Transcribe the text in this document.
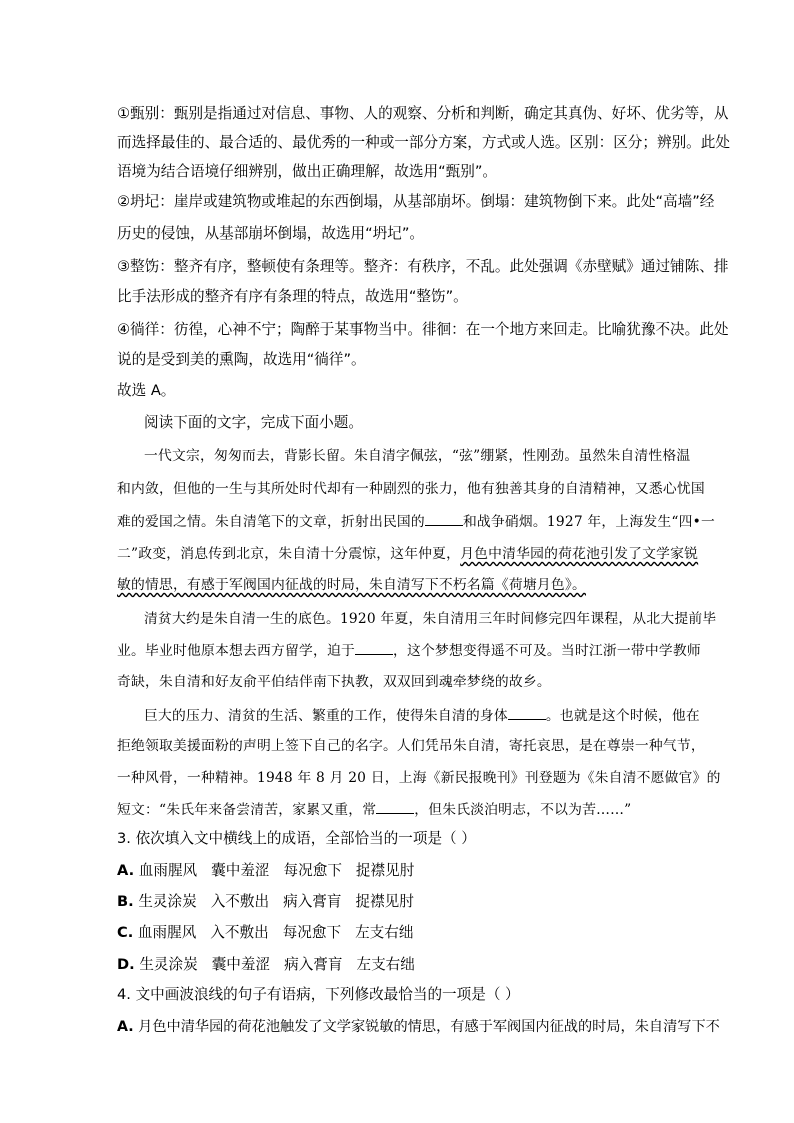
①甄别：甄别是指通过对信息、事物、人的观察、分析和判断，确定其真伪、好坏、优劣等，从
而选择最佳的、最合适的、最优秀的一种或一部分方案，方式或人选。区别：区分；辨别。此处
语境为结合语境仔细辨别，做出正确理解，故选用“甄别”。
②坍圮：崖岸或建筑物或堆起的东西倒塌，从基部崩坏。倒塌：建筑物倒下来。此处“高墙”经
历史的侵蚀，从基部崩坏倒塌，故选用“坍圮”。
③整饬：整齐有序，整顿使有条理等。整齐：有秩序，不乱。此处强调《赤壁赋》通过铺陈、排
比手法形成的整齐有序有条理的特点，故选用“整饬”。
④徜徉：彷徨，心神不宁；陶醉于某事物当中。徘徊：在一个地方来回走。比喻犹豫不决。此处
说的是受到美的熏陶，故选用“徜徉”。
故选 A。
阅读下面的文字，完成下面小题。
一代文宗，匆匆而去，背影长留。朱自清字佩弦，“弦”绷紧，性刚劲。虽然朱自清性格温
和内敛，但他的一生与其所处时代却有一种剧烈的张力，他有独善其身的自清精神，又悉心忧国
难的爱国之情。朱自清笔下的文章，折射出民国的	和战争硝烟。1927 年，上海发生“四•一
二”政变，消息传到北京，朱自清十分震惊，这年仲夏，月色中清华园的荷花池引发了文学家锐
敏的情思，有感于军阀国内征战的时局，朱自清写下不朽名篇《荷塘月色》。
清贫大约是朱自清一生的底色。1920 年夏，朱自清用三年时间修完四年课程，从北大提前毕
业。毕业时他原本想去西方留学，迫于	，这个梦想变得遥不可及。当时江浙一带中学教师
奇缺，朱自清和好友俞平伯结伴南下执教，双双回到魂牵梦绕的故乡。
巨大的压力、清贫的生活、繁重的工作，使得朱自清的身体	。也就是这个时候，他在
拒绝领取美援面粉的声明上签下自己的名字。人们凭吊朱自清，寄托哀思，是在尊崇一种气节，
一种风骨，一种精神。1948 年 8 月 20 日，上海《新民报晚刊》刊登题为《朱自清不愿做官》的
短文：“朱氏年来备尝清苦，家累又重，常	，但朱氏淡泊明志，不以为苦……”
3. 依次填入文中横线上的成语，全部恰当的一项是（ ）
A. 血雨腥风 囊中羞涩 每况愈下 捉襟见肘
B. 生灵涂炭 入不敷出 病入膏肓 捉襟见肘
C. 血雨腥风 入不敷出 每况愈下 左支右绌
D. 生灵涂炭 囊中羞涩 病入膏肓 左支右绌
4. 文中画波浪线的句子有语病，下列修改最恰当的一项是（ ）
A. 月色中清华园的荷花池触发了文学家锐敏的情思，有感于军阀国内征战的时局，朱自清写下不
